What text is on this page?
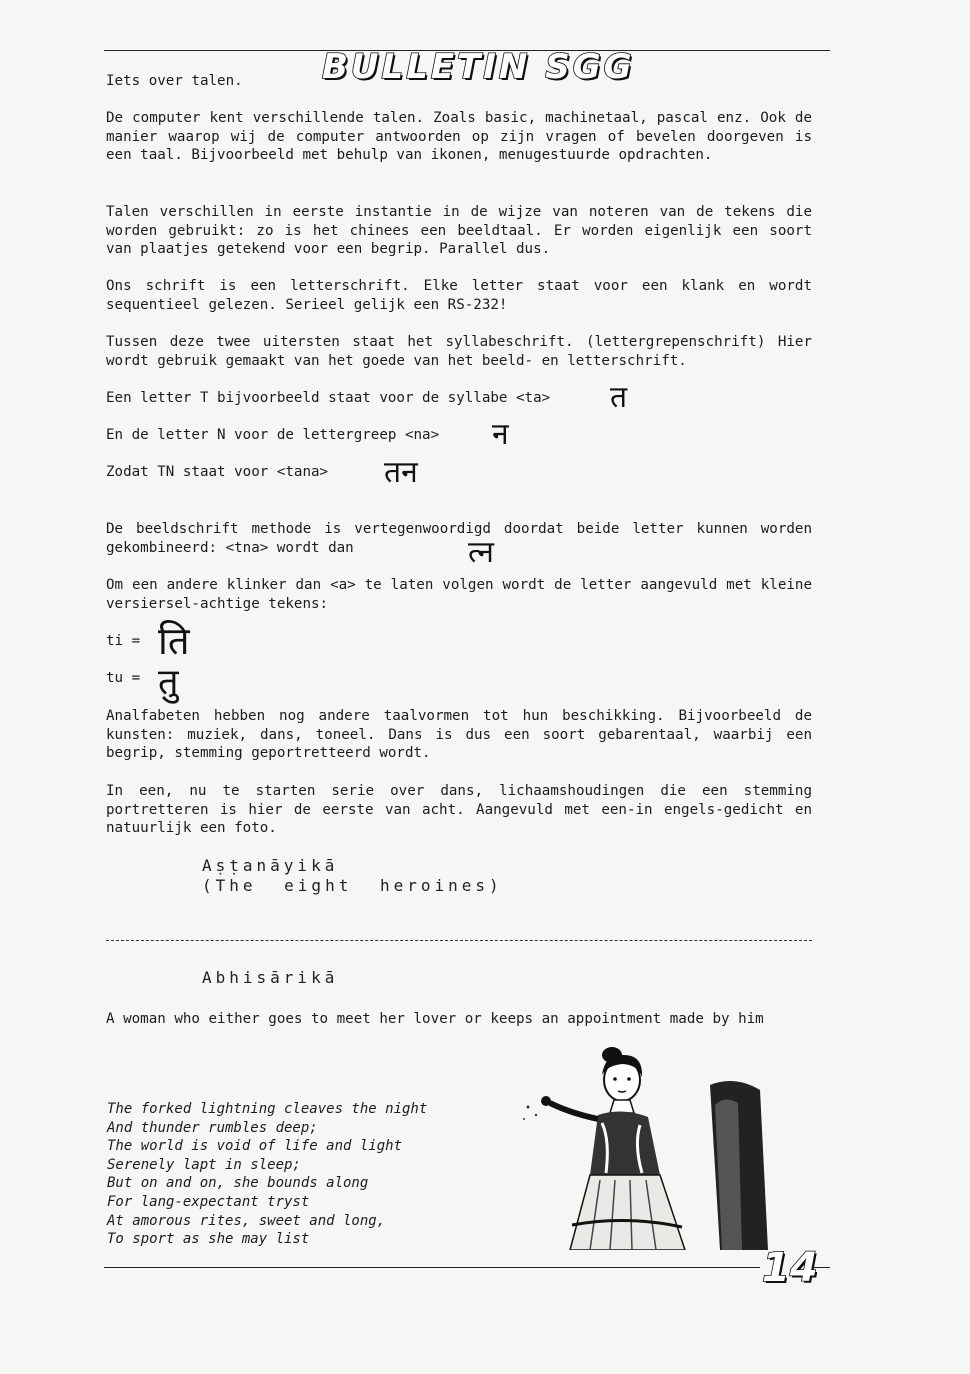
BULLETIN SGG
Iets over talen.
De computer kent verschillende talen. Zoals basic, machinetaal, pascal enz. Ook de manier waarop wij de computer antwoorden op zijn vragen of bevelen doorgeven is een taal. Bijvoorbeeld met behulp van ikonen, menugestuurde opdrachten.
Talen verschillen in eerste instantie in de wijze van noteren van de tekens die worden gebruikt: zo is het chinees een beeldtaal. Er worden eigenlijk een soort van plaatjes getekend voor een begrip. Parallel dus.
Ons schrift is een letterschrift. Elke letter staat voor een klank en wordt sequentieel gelezen. Serieel gelijk een RS-232!
Tussen deze twee uitersten staat het syllabeschrift. (lettergrepenschrift) Hier wordt gebruik gemaakt van het goede van het beeld- en letterschrift.
Een letter T bijvoorbeeld staat voor de syllabe <ta> त
En de letter N voor de lettergreep <na> न
Zodat TN staat voor <tana> तन
De beeldschrift methode is vertegenwoordigd doordat beide letter kunnen worden gekombineerd: <tna> wordt dan	त्न
Om een andere klinker dan <a> te laten volgen wordt de letter aangevuld met kleine versiersel-achtige tekens:
ti = ति
tu = तु
Analfabeten hebben nog andere taalvormen tot hun beschikking. Bijvoorbeeld de kunsten: muziek, dans, toneel. Dans is dus een soort gebarentaal, waarbij een begrip, stemming geportretteerd wordt.
In een, nu te starten serie over dans, lichaamshoudingen die een stemming portretteren is hier de eerste van acht. Aangevuld met een-in engels-gedicht en natuurlijk een foto.
Aṣṭanāyikā
(The eight heroines)
Abhisārikā
A woman who either goes to meet her lover or keeps an appointment made by him
The forked lightning cleaves the night
And thunder rumbles deep;
The world is void of life and light
Serenely lapt in sleep;
But on and on, she bounds along
For lang-expectant tryst
At amorous rites, sweet and long,
To sport as she may list
14
